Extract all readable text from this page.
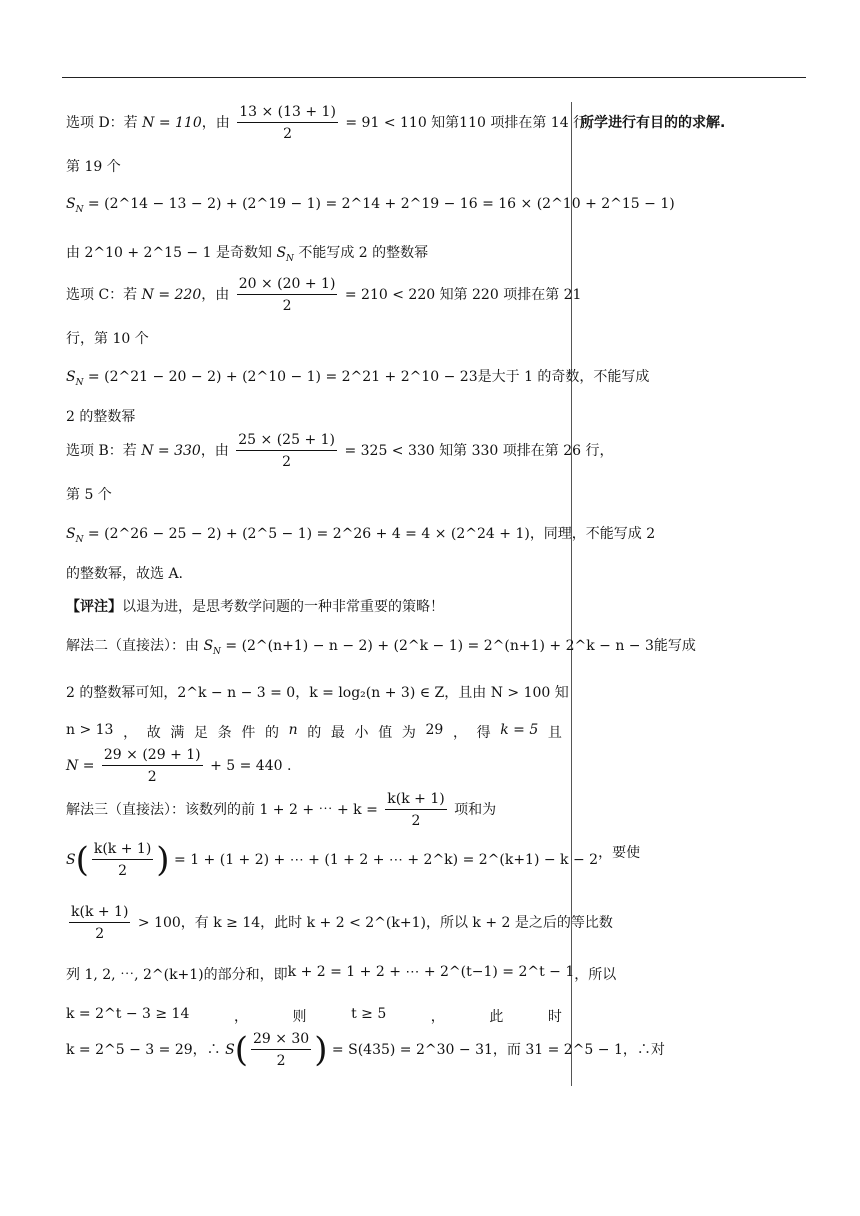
所学进行有目的的求解.
选项 D：若 N = 110，由 $\frac{13 \times (13 + 1)}{2} = 91 < 110$ 知第110 项排在第 14 行，
第 19 个
$S_N$ = (2^14 − 13 − 2) + (2^19 − 1) = 2^14 + 2^19 − 16 = 16 × (2^10 + 2^15 − 1)
由 2^10 + 2^15 − 1 是奇数知 $S_N$ 不能写成 2 的整数幂
选项 C：若 N = 220，由 $\frac{20 \times (20 + 1)}{2} = 210 < 220$ 知第 220 项排在第 21
行，第 10 个
$S_N$ = (2^21 − 20 − 2) + (2^10 − 1) = 2^21 + 2^10 − 23是大于 1 的奇数，不能写成
2 的整数幂
选项 B：若 N = 330，由 $\frac{25 \times (25 + 1)}{2} = 325 < 330$ 知第 330 项排在第 26 行，
第 5 个
$S_N$ = (2^26 − 25 − 2) + (2^5 − 1) = 2^26 + 4 = 4 × (2^24 + 1)，同理，不能写成 2
的整数幂，故选 A.
【评注】以退为进，是思考数学问题的一种非常重要的策略！
解法二（直接法）：由 $S_N$ = (2^(n+1) − n − 2) + (2^k − 1) = 2^(n+1) + 2^k − n − 3能写成
2 的整数幂可知，2^k − n − 3 = 0，k = log₂(n + 3) ∈ Z，且由 N > 100 知
n > 13 ， 故 满 足 条 件 的 n 的 最 小 值 为 29 ， 得 k = 5 且
$N = \frac{29 \times (29 + 1)}{2} + 5 = 440$ .
解法三（直接法）：该数列的前 1 + 2 + ⋯ + $k = \frac{k(k + 1)}{2}$ 项和为
$S( \frac{k(k + 1)}{2}$ ) = 1 + (1 + 2) + ⋯ + (1 + 2 + ⋯ + 2^k) = 2^(k+1) − k − 2 ， 要 使
$\frac{k(k + 1)}{2} > 100$，有 k ≥ 14，此时 k + 2 < 2^(k+1)，所以 k + 2 是之后的等比数
列 1, 2, ⋯, 2^(k+1) 的 部 分 和， 即 k + 2 = 1 + 2 + ⋯ + 2^(t−1) = 2^t − 1 ， 所 以
k = 2^t − 3 ≥ 14	，	则	t ≥ 5	，	此	时
k = 2^5 − 3 = 29，∴ $S( \frac{29 \times 30}{2}$ ) = S(435) = 2^30 − 31，而 31 = 2^5 − 1，∴对
